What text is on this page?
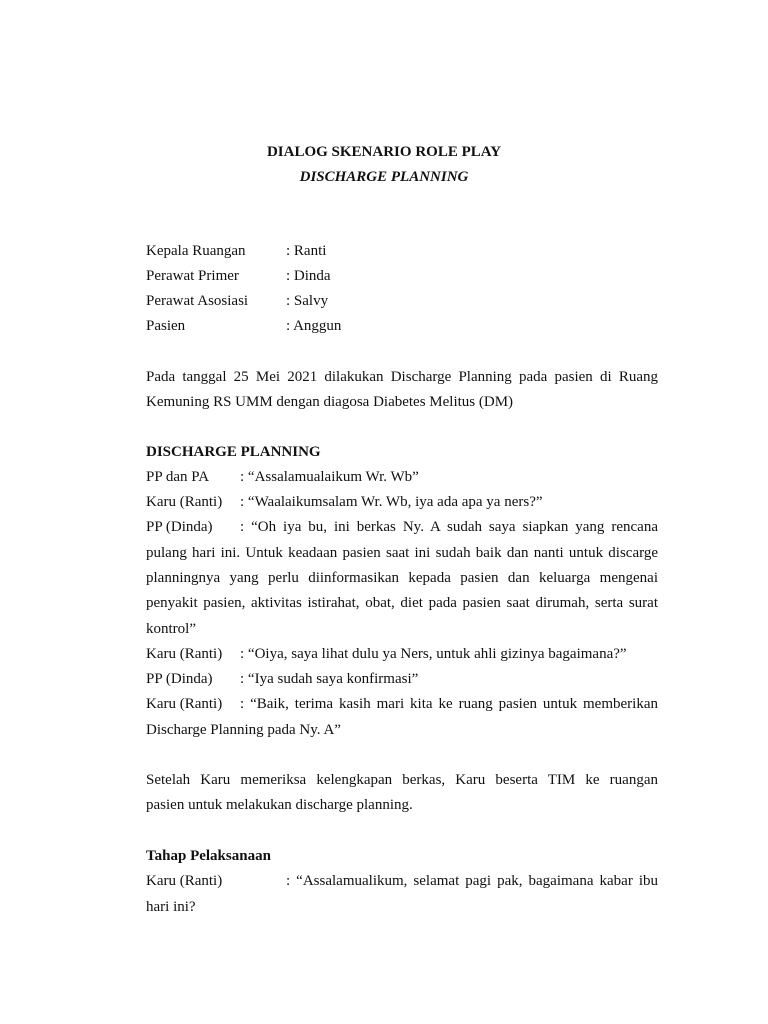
DIALOG SKENARIO ROLE PLAY
DISCHARGE PLANNING
Kepala Ruangan	: Ranti
Perawat Primer	: Dinda
Perawat Asosiasi	: Salvy
Pasien	: Anggun
Pada tanggal 25 Mei 2021 dilakukan Discharge Planning pada pasien di Ruang
Kemuning RS UMM dengan diagosa Diabetes Melitus (DM)
DISCHARGE PLANNING
PP dan PA : “Assalamualaikum Wr. Wb”
Karu (Ranti) : “Waalaikumsalam Wr. Wb, iya ada apa ya ners?”
PP (Dinda) : “Oh iya bu, ini berkas Ny. A sudah saya siapkan yang rencana
pulang hari ini. Untuk keadaan pasien saat ini sudah baik dan nanti untuk discarge
planningnya yang perlu diinformasikan kepada pasien dan keluarga mengenai
penyakit pasien, aktivitas istirahat, obat, diet pada pasien saat dirumah, serta surat
kontrol”
Karu (Ranti) : “Oiya, saya lihat dulu ya Ners, untuk ahli gizinya bagaimana?”
PP (Dinda) : “Iya sudah saya konfirmasi”
Karu (Ranti) : “Baik, terima kasih mari kita ke ruang pasien untuk memberikan
Discharge Planning pada Ny. A”
Setelah Karu memeriksa kelengkapan berkas, Karu beserta TIM ke ruangan
pasien untuk melakukan discharge planning.
Tahap Pelaksanaan
Karu (Ranti)	: “Assalamualikum, selamat pagi pak, bagaimana kabar ibu
hari ini?
